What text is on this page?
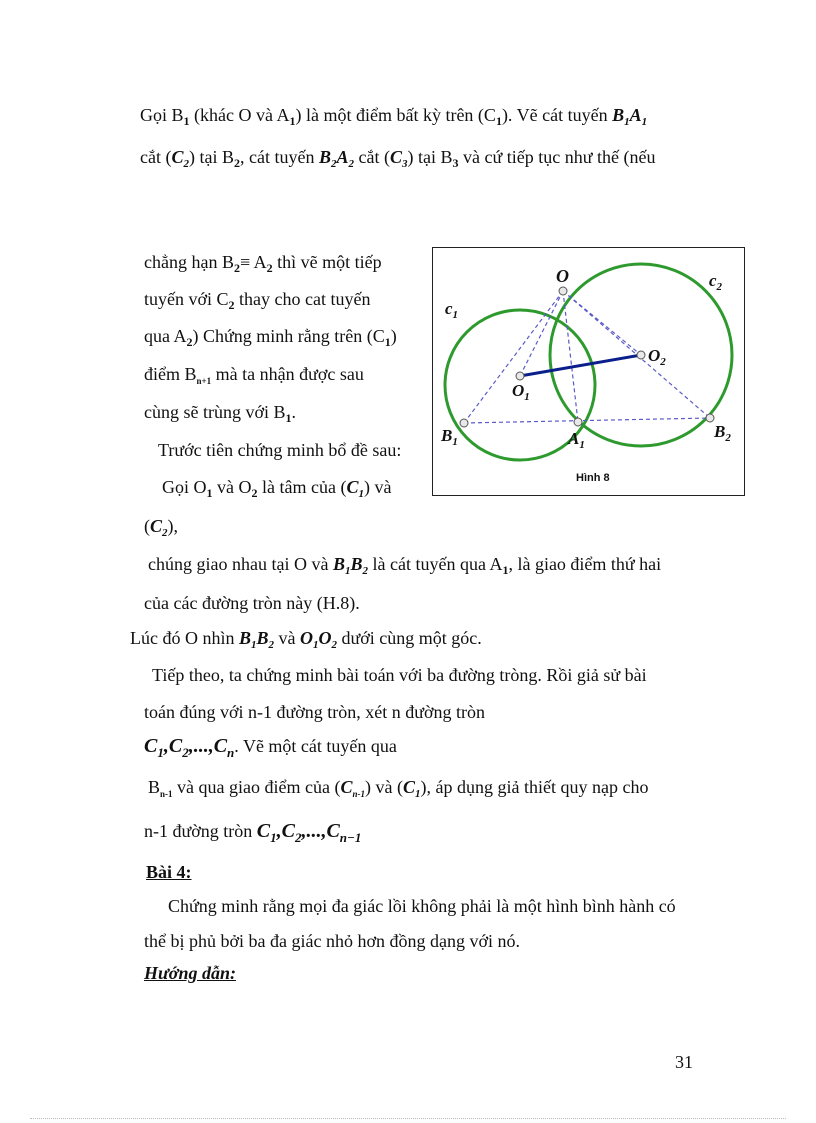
Gọi $B_1$ (khác O và $A_1$) là một điểm bất kỳ trên $(C_1)$. Vẽ cát tuyến $B_1A_1$
cắt $(C_2)$ tại $B_2$, cát tuyến $B_2A_2$ cắt $(C_3)$ tại $B_3$ và cứ tiếp tục như thế (nếu
chẳng hạn $B_2\equiv A_2$ thì vẽ một tiếp
tuyến với $C_2$ thay cho cat tuyến
qua $A_2$) Chứng minh rằng trên $(C_1)$
điểm $B_{n+1}$ mà ta nhận được sau
cùng sẽ trùng với $B_1$.
Trước tiên chứng minh bổ đề sau:
Gọi $O_1$ và $O_2$ là tâm của $(C_1)$ và
$(C_2)$,
O
$c_1$
$c_2$
$O_1$
$O_2$
$B_1$	$A_1$
$B_2$
Hình 8
chúng giao nhau tại O và $B_1B_2$ là cát tuyến qua $A_1$, là giao điểm thứ hai
của các đường tròn này (H.8).
Lúc đó O nhìn $B_1B_2$ và $O_1O_2$ dưới cùng một góc.
Tiếp theo, ta chứng minh bài toán với ba đường tròng. Rồi giả sử bài
toán đúng với n-1 đường tròn, xét n đường tròn
$C_1,C_2,...,C_n$. Vẽ một cát tuyến qua
$B_{n-1}$ và qua giao điểm của $(C_{n-1})$ và $(C_1)$, áp dụng giả thiết quy nạp cho
n-1 đường tròn $C_1,C_2,...,C_{n-1}$
Bài 4:
Chứng minh rằng mọi đa giác lồi không phải là một hình bình hành có
thể bị phủ bởi ba đa giác nhỏ hơn đồng dạng với nó.
Hướng dẫn:
31
